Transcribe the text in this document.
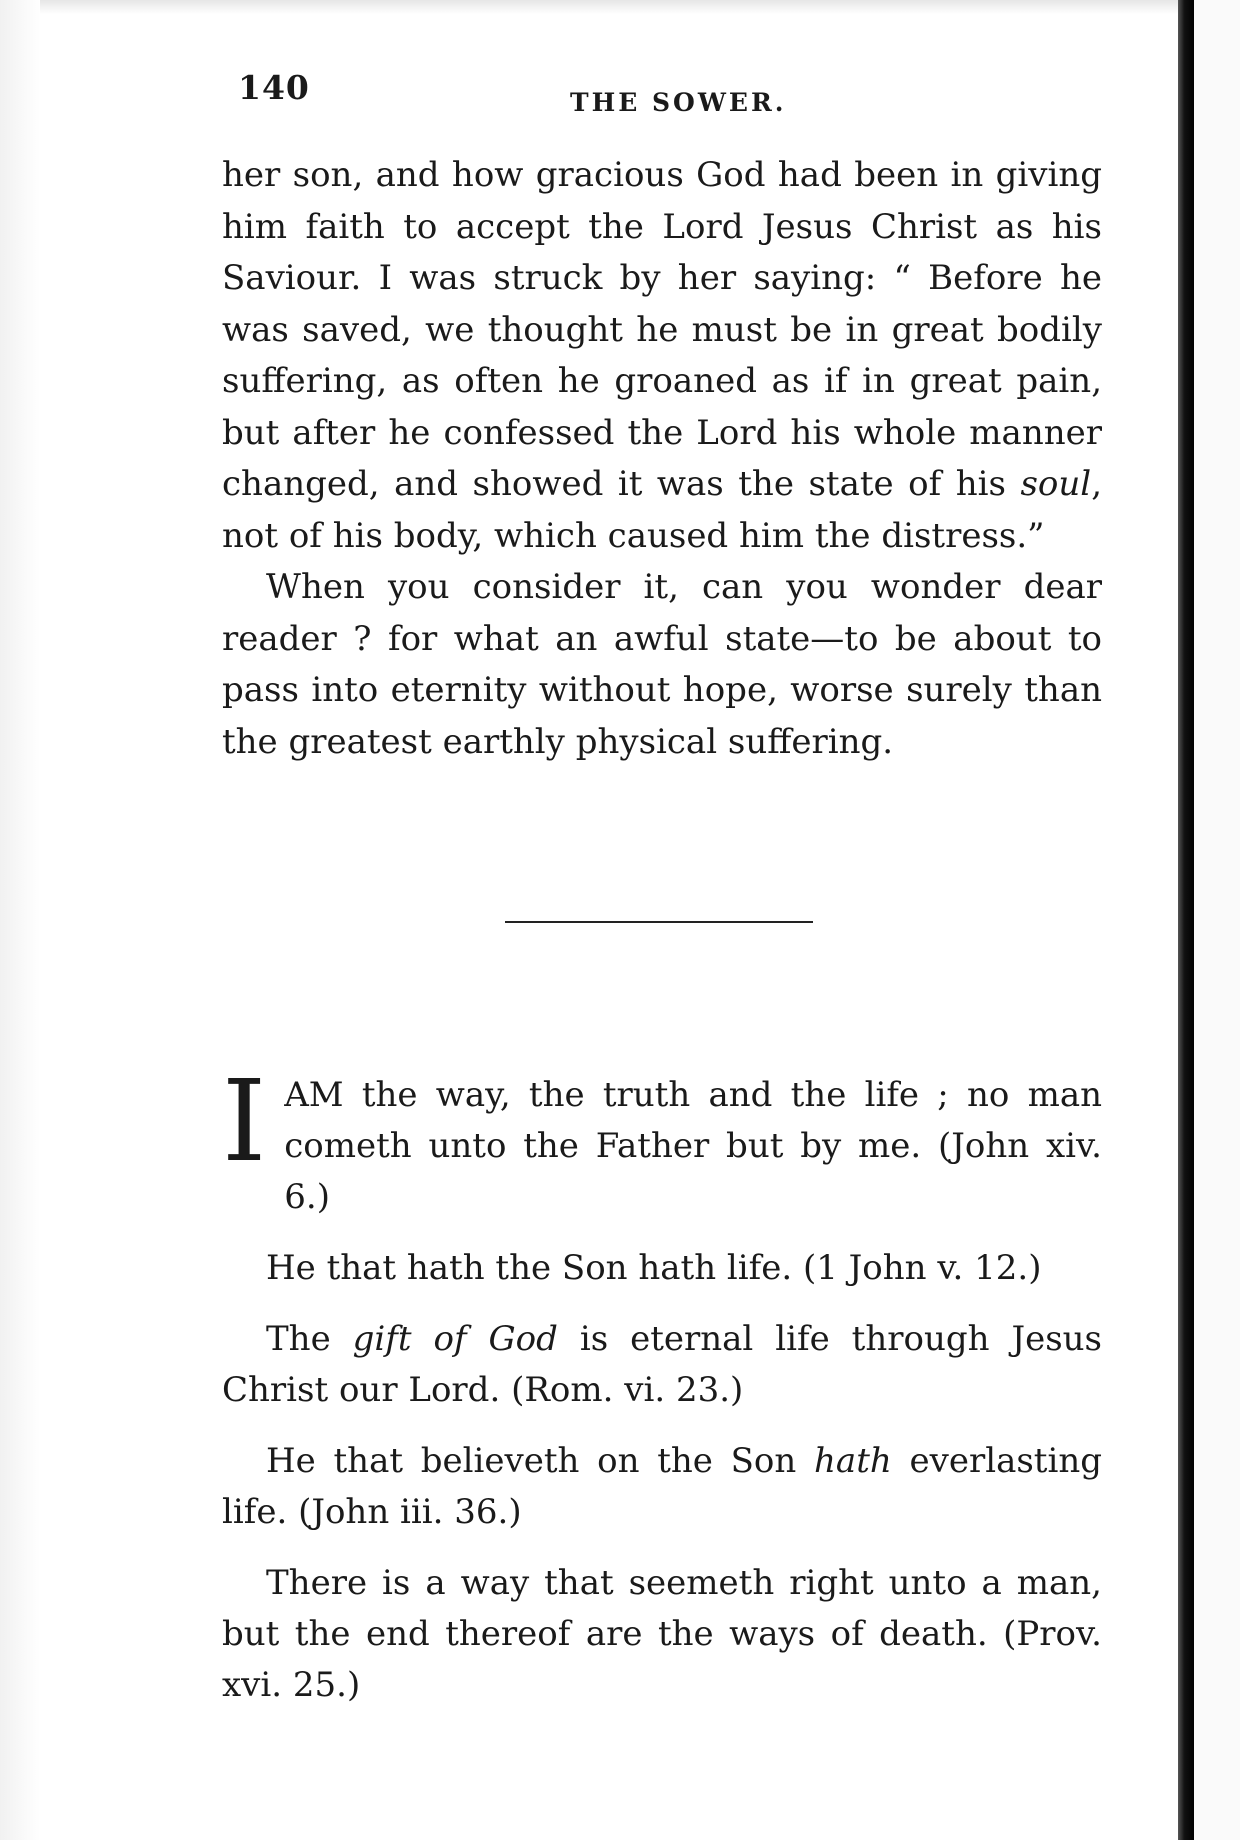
140	THE SOWER.

her son, and how gracious God had been in giving him faith to accept the Lord Jesus Christ as his Saviour. I was struck by her saying: “ Before he was saved, we thought he must be in great bodily suffering, as often he groaned as if in great pain, but after he confessed the Lord his whole manner changed, and showed it was the state of his soul, not of his body, which caused him the distress.”

When you consider it, can you wonder dear reader ? for what an awful state—to be about to pass into eternity without hope, worse surely than the greatest earthly physical suffering.

I AM the way, the truth and the life ; no man cometh unto the Father but by me. (John xiv. 6.)

He that hath the Son hath life. (1 John v. 12.)

The gift of God is eternal life through Jesus Christ our Lord. (Rom. vi. 23.)

He that believeth on the Son hath everlasting life. (John iii. 36.)

There is a way that seemeth right unto a man, but the end thereof are the ways of death. (Prov. xvi. 25.)
